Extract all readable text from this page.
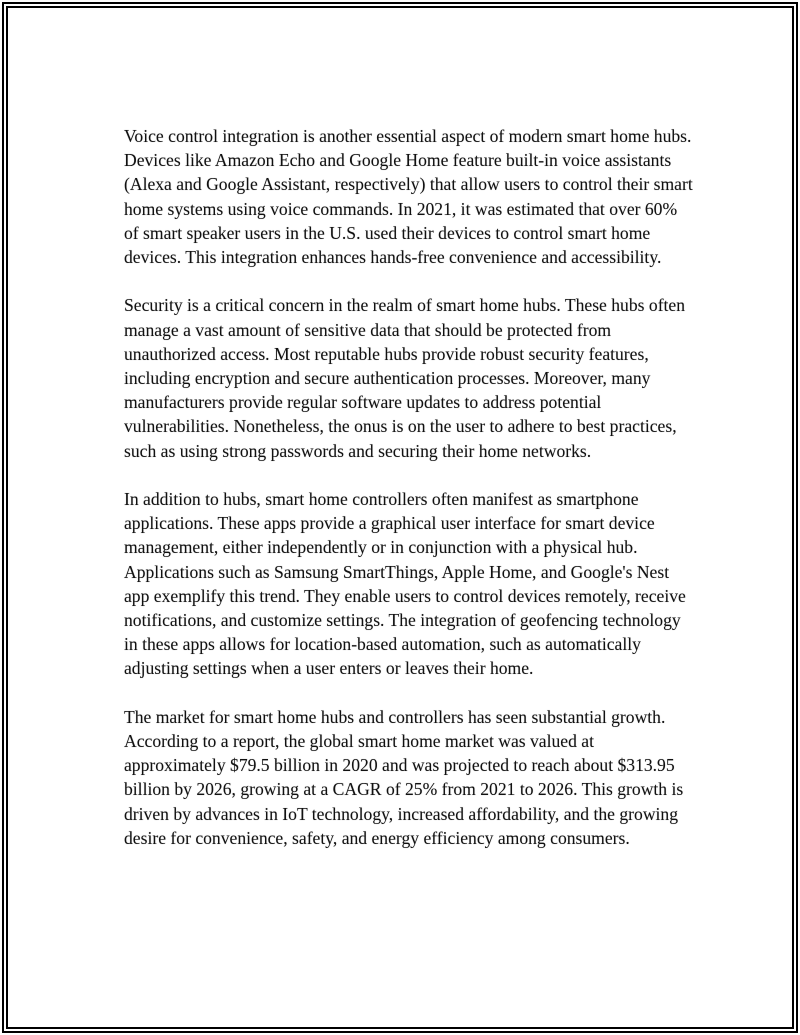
Voice control integration is another essential aspect of modern smart home hubs. Devices like Amazon Echo and Google Home feature built-in voice assistants (Alexa and Google Assistant, respectively) that allow users to control their smart home systems using voice commands. In 2021, it was estimated that over 60% of smart speaker users in the U.S. used their devices to control smart home devices. This integration enhances hands-free convenience and accessibility.

Security is a critical concern in the realm of smart home hubs. These hubs often manage a vast amount of sensitive data that should be protected from unauthorized access. Most reputable hubs provide robust security features, including encryption and secure authentication processes. Moreover, many manufacturers provide regular software updates to address potential vulnerabilities. Nonetheless, the onus is on the user to adhere to best practices, such as using strong passwords and securing their home networks.

In addition to hubs, smart home controllers often manifest as smartphone applications. These apps provide a graphical user interface for smart device management, either independently or in conjunction with a physical hub. Applications such as Samsung SmartThings, Apple Home, and Google's Nest app exemplify this trend. They enable users to control devices remotely, receive notifications, and customize settings. The integration of geofencing technology in these apps allows for location-based automation, such as automatically adjusting settings when a user enters or leaves their home.

The market for smart home hubs and controllers has seen substantial growth. According to a report, the global smart home market was valued at approximately $79.5 billion in 2020 and was projected to reach about $313.95 billion by 2026, growing at a CAGR of 25% from 2021 to 2026. This growth is driven by advances in IoT technology, increased affordability, and the growing desire for convenience, safety, and energy efficiency among consumers.
